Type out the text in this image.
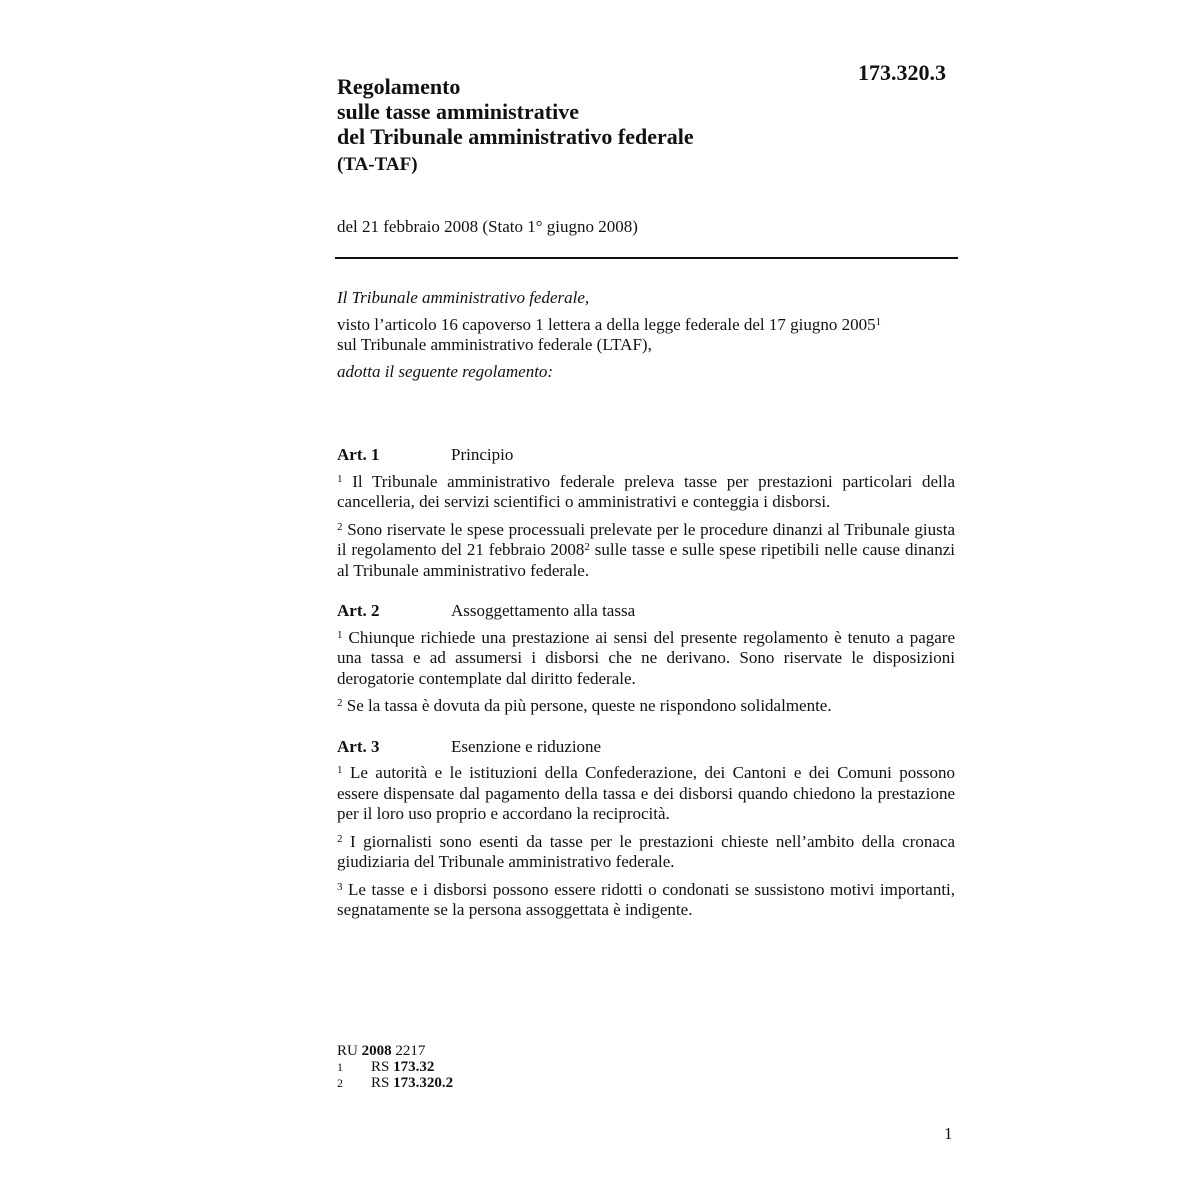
173.320.3
Regolamento
sulle tasse amministrative
del Tribunale amministrativo federale
(TA-TAF)
del 21 febbraio 2008 (Stato 1° giugno 2008)
Il Tribunale amministrativo federale,
visto l’articolo 16 capoverso 1 lettera a della legge federale del 17 giugno 2005$^1$
sul Tribunale amministrativo federale (LTAF),
adotta il seguente regolamento:
Art. 1	Principio
$^1$ Il Tribunale amministrativo federale preleva tasse per prestazioni particolari della cancelleria, dei servizi scientifici o amministrativi e conteggia i disborsi.
$^2$ Sono riservate le spese processuali prelevate per le procedure dinanzi al Tribunale giusta il regolamento del 21 febbraio 2008$^2$ sulle tasse e sulle spese ripetibili nelle cause dinanzi al Tribunale amministrativo federale.
Art. 2	Assoggettamento alla tassa
$^1$ Chiunque richiede una prestazione ai sensi del presente regolamento è tenuto a pagare una tassa e ad assumersi i disborsi che ne derivano. Sono riservate le disposizioni derogatorie contemplate dal diritto federale.
$^2$ Se la tassa è dovuta da più persone, queste ne rispondono solidalmente.
Art. 3	Esenzione e riduzione
$^1$ Le autorità e le istituzioni della Confederazione, dei Cantoni e dei Comuni possono essere dispensate dal pagamento della tassa e dei disborsi quando chiedono la prestazione per il loro uso proprio e accordano la reciprocità.
$^2$ I giornalisti sono esenti da tasse per le prestazioni chieste nell’ambito della cronaca giudiziaria del Tribunale amministrativo federale.
$^3$ Le tasse e i disborsi possono essere ridotti o condonati se sussistono motivi importanti, segnatamente se la persona assoggettata è indigente.
RU 2008 2217
1	RS 173.32
2	RS 173.320.2
1
